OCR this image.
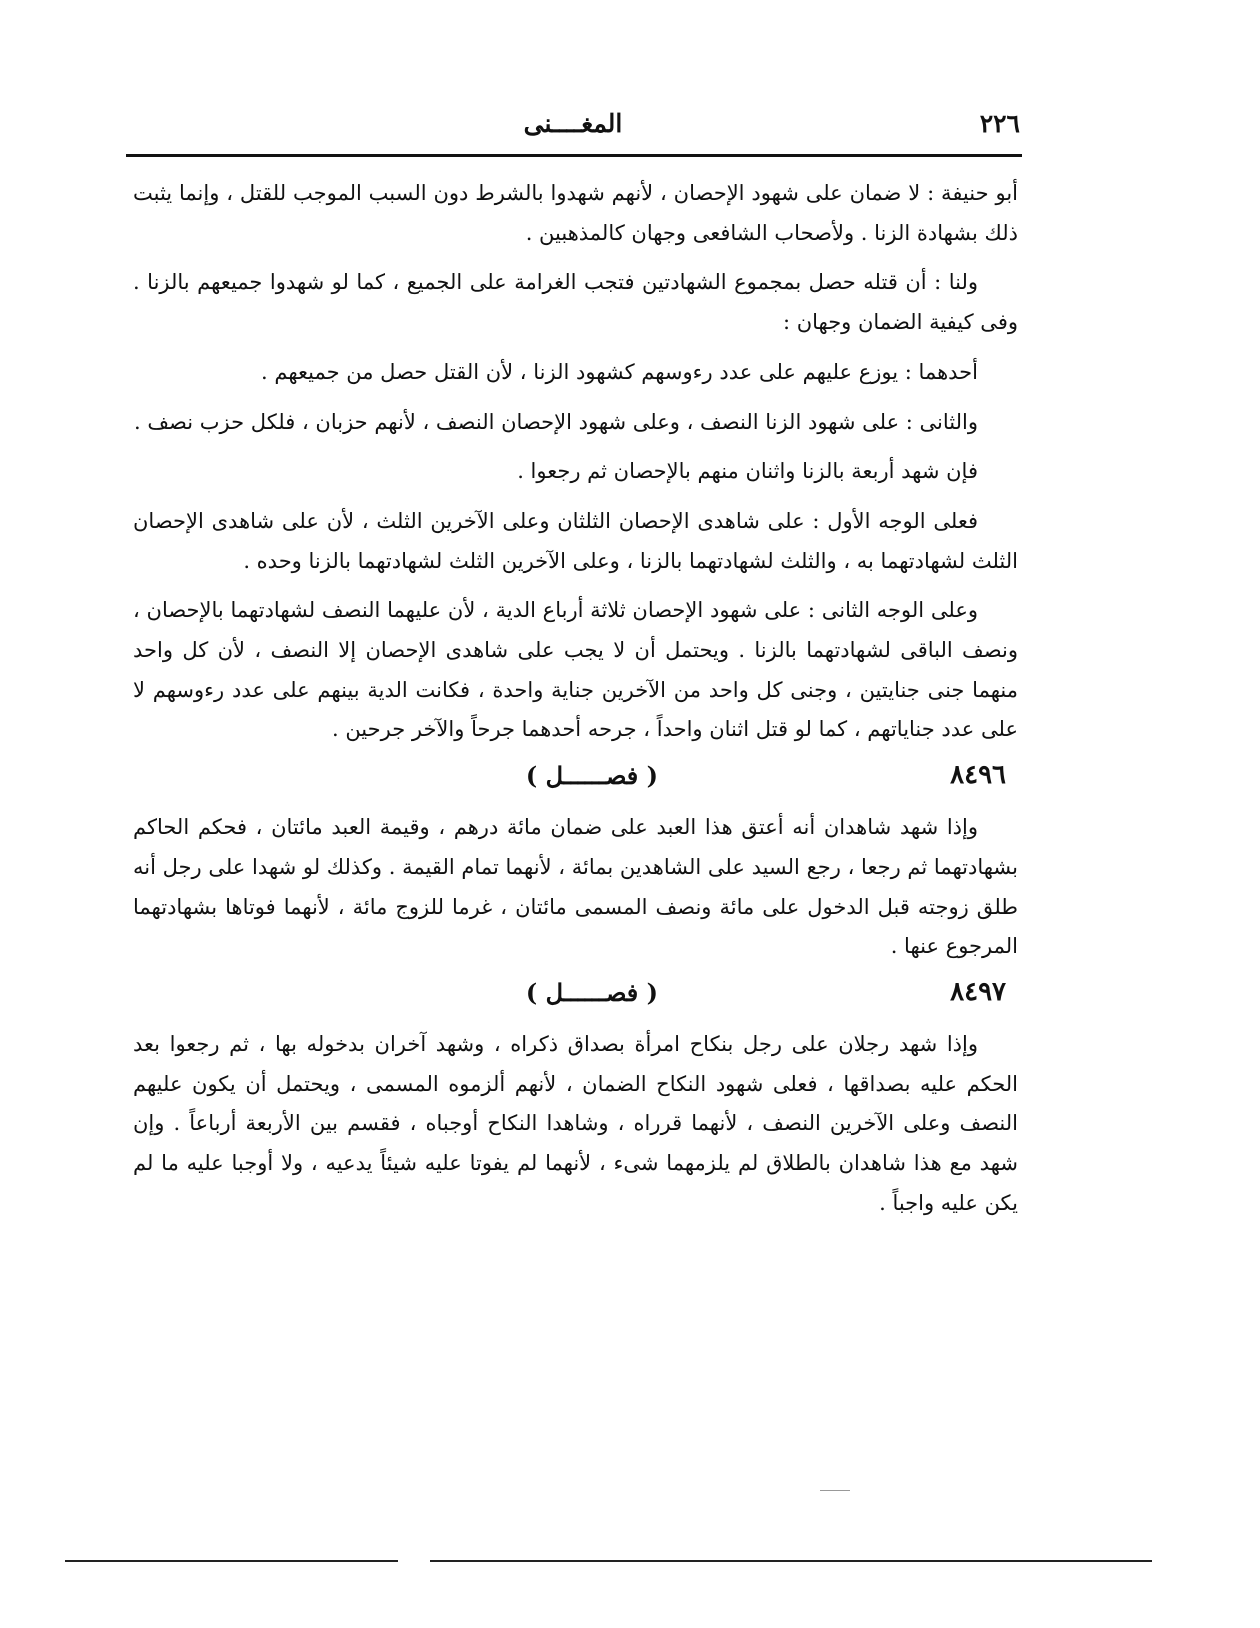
٢٢٦
المغــــنى

أبو حنيفة : لا ضمان على شهود الإحصان ، لأنهم شهدوا بالشرط دون السبب الموجب للقتل ، وإنما يثبت ذلك بشهادة الزنا . ولأصحاب الشافعى وجهان كالمذهبين .

ولنا : أن قتله حصل بمجموع الشهادتين فتجب الغرامة على الجميع ، كما لو شهدوا جميعهم بالزنا . وفى كيفية الضمان وجهان :

أحدهما : يوزع عليهم على عدد رءوسهم كشهود الزنا ، لأن القتل حصل من جميعهم .

والثانى : على شهود الزنا النصف ، وعلى شهود الإحصان النصف ، لأنهم حزبان ، فلكل حزب نصف .

فإن شهد أربعة بالزنا واثنان منهم بالإحصان ثم رجعوا .

فعلى الوجه الأول : على شاهدى الإحصان الثلثان وعلى الآخرين الثلث ، لأن على شاهدى الإحصان الثلث لشهادتهما به ، والثلث لشهادتهما بالزنا ، وعلى الآخرين الثلث لشهادتهما بالزنا وحده .

وعلى الوجه الثانى : على شهود الإحصان ثلاثة أرباع الدية ، لأن عليهما النصف لشهادتهما بالإحصان ، ونصف الباقى لشهادتهما بالزنا . ويحتمل أن لا يجب على شاهدى الإحصان إلا النصف ، لأن كل واحد منهما جنى جنايتين ، وجنى كل واحد من الآخرين جناية واحدة ، فكانت الدية بينهم على عدد رءوسهم لا على عدد جناياتهم ، كما لو قتل اثنان واحداً ، جرحه أحدهما جرحاً والآخر جرحين .

٨٤٩٦
( فصــــــل )

وإذا شهد شاهدان أنه أعتق هذا العبد على ضمان مائة درهم ، وقيمة العبد مائتان ، فحكم الحاكم بشهادتهما ثم رجعا ، رجع السيد على الشاهدين بمائة ، لأنهما تمام القيمة . وكذلك لو شهدا على رجل أنه طلق زوجته قبل الدخول على مائة ونصف المسمى مائتان ، غرما للزوج مائة ، لأنهما فوتاها بشهادتهما المرجوع عنها .

٨٤٩٧
( فصــــــل )

وإذا شهد رجلان على رجل بنكاح امرأة بصداق ذكراه ، وشهد آخران بدخوله بها ، ثم رجعوا بعد الحكم عليه بصداقها ، فعلى شهود النكاح الضمان ، لأنهم ألزموه المسمى ، ويحتمل أن يكون عليهم النصف وعلى الآخرين النصف ، لأنهما قرراه ، وشاهدا النكاح أوجباه ، فقسم بين الأربعة أرباعاً . وإن شهد مع هذا شاهدان بالطلاق لم يلزمهما شىء ، لأنهما لم يفوتا عليه شيئاً يدعيه ، ولا أوجبا عليه ما لم يكن عليه واجباً .
